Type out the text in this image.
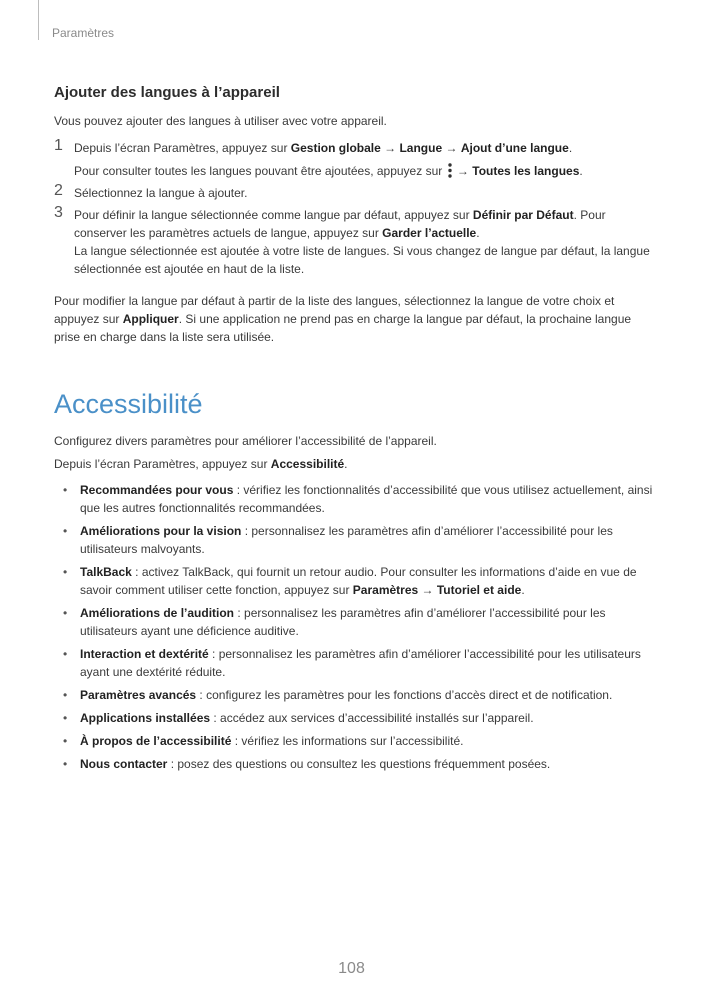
Paramètres
Ajouter des langues à l’appareil

Vous pouvez ajouter des langues à utiliser avec votre appareil.

1 Depuis l’écran Paramètres, appuyez sur Gestion globale → Langue → Ajout d’une langue.
Pour consulter toutes les langues pouvant être ajoutées, appuyez sur  → Toutes les langues.
2 Sélectionnez la langue à ajouter.
3 Pour définir la langue sélectionnée comme langue par défaut, appuyez sur Définir par Défaut. Pour conserver les paramètres actuels de langue, appuyez sur Garder l’actuelle.
La langue sélectionnée est ajoutée à votre liste de langues. Si vous changez de langue par défaut, la langue sélectionnée est ajoutée en haut de la liste.

Pour modifier la langue par défaut à partir de la liste des langues, sélectionnez la langue de votre choix et appuyez sur Appliquer. Si une application ne prend pas en charge la langue par défaut, la prochaine langue prise en charge dans la liste sera utilisée.

Accessibilité

Configurez divers paramètres pour améliorer l’accessibilité de l’appareil.

Depuis l’écran Paramètres, appuyez sur Accessibilité.

• Recommandées pour vous : vérifiez les fonctionnalités d’accessibilité que vous utilisez actuellement, ainsi que les autres fonctionnalités recommandées.
• Améliorations pour la vision : personnalisez les paramètres afin d’améliorer l’accessibilité pour les utilisateurs malvoyants.
• TalkBack : activez TalkBack, qui fournit un retour audio. Pour consulter les informations d’aide en vue de savoir comment utiliser cette fonction, appuyez sur Paramètres → Tutoriel et aide.
• Améliorations de l’audition : personnalisez les paramètres afin d’améliorer l’accessibilité pour les utilisateurs ayant une déficience auditive.
• Interaction et dextérité : personnalisez les paramètres afin d’améliorer l’accessibilité pour les utilisateurs ayant une dextérité réduite.
• Paramètres avancés : configurez les paramètres pour les fonctions d’accès direct et de notification.
• Applications installées : accédez aux services d’accessibilité installés sur l’appareil.
• À propos de l’accessibilité : vérifiez les informations sur l’accessibilité.
• Nous contacter : posez des questions ou consultez les questions fréquemment posées.
108
